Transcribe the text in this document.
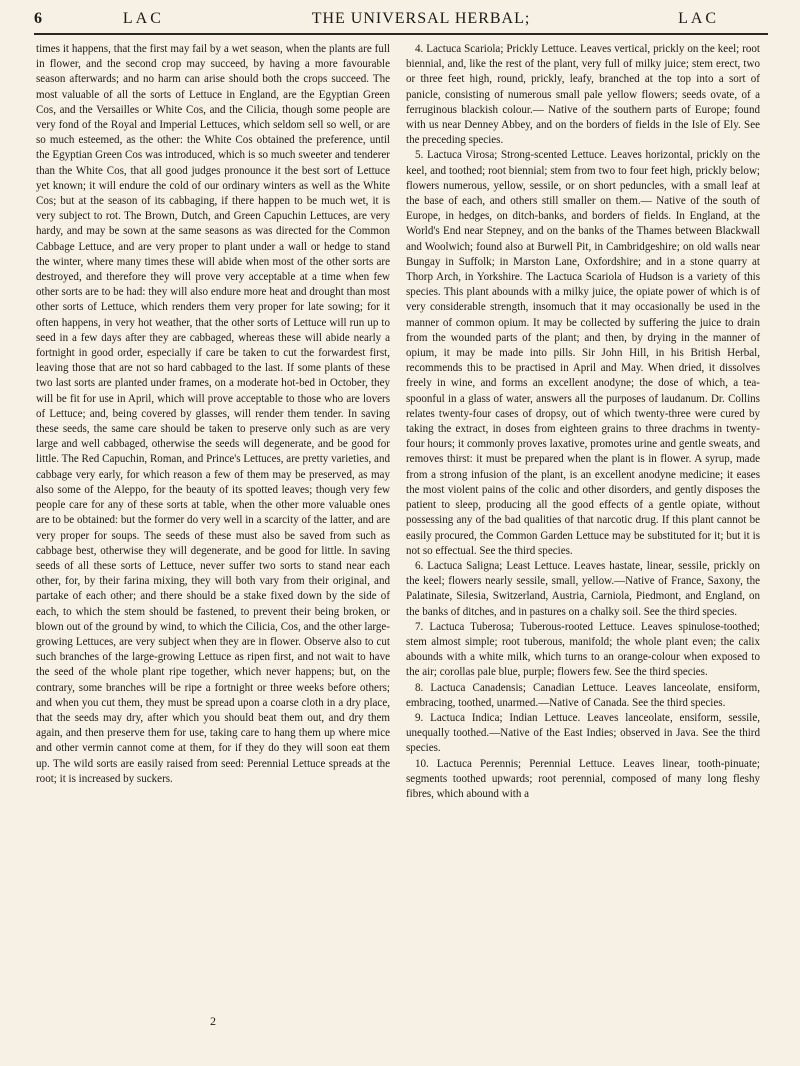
6	LAC	THE UNIVERSAL HERBAL;	LAC

times it happens, that the first may fail by a wet season, when the plants are full in flower, and the second crop may succeed, by having a more favourable season afterwards; and no harm can arise should both the crops succeed. The most valuable of all the sorts of Lettuce in England, are the Egyptian Green Cos, and the Versailles or White Cos, and the Cilicia, though some people are very fond of the Royal and Imperial Lettuces, which seldom sell so well, or are so much esteemed, as the other: the White Cos obtained the preference, until the Egyptian Green Cos was introduced, which is so much sweeter and tenderer than the White Cos, that all good judges pronounce it the best sort of Lettuce yet known; it will endure the cold of our ordinary winters as well as the White Cos; but at the season of its cabbaging, if there happen to be much wet, it is very subject to rot. The Brown, Dutch, and Green Capuchin Lettuces, are very hardy, and may be sown at the same seasons as was directed for the Common Cabbage Lettuce, and are very proper to plant under a wall or hedge to stand the winter, where many times these will abide when most of the other sorts are destroyed, and therefore they will prove very acceptable at a time when few other sorts are to be had: they will also endure more heat and drought than most other sorts of Lettuce, which renders them very proper for late sowing; for it often happens, in very hot weather, that the other sorts of Lettuce will run up to seed in a few days after they are cabbaged, whereas these will abide nearly a fortnight in good order, especially if care be taken to cut the forwardest first, leaving those that are not so hard cabbaged to the last. If some plants of these two last sorts are planted under frames, on a moderate hot-bed in October, they will be fit for use in April, which will prove acceptable to those who are lovers of Lettuce; and, being covered by glasses, will render them tender. In saving these seeds, the same care should be taken to preserve only such as are very large and well cabbaged, otherwise the seeds will degenerate, and be good for little. The Red Capuchin, Roman, and Prince's Lettuces, are pretty varieties, and cabbage very early, for which reason a few of them may be preserved, as may also some of the Aleppo, for the beauty of its spotted leaves; though very few people care for any of these sorts at table, when the other more valuable ones are to be obtained: but the former do very well in a scarcity of the latter, and are very proper for soups. The seeds of these must also be saved from such as cabbage best, otherwise they will degenerate, and be good for little. In saving seeds of all these sorts of Lettuce, never suffer two sorts to stand near each other, for, by their farina mixing, they will both vary from their original, and partake of each other; and there should be a stake fixed down by the side of each, to which the stem should be fastened, to prevent their being broken, or blown out of the ground by wind, to which the Cilicia, Cos, and the other large-growing Lettuces, are very subject when they are in flower. Observe also to cut such branches of the large-growing Lettuce as ripen first, and not wait to have the seed of the whole plant ripe together, which never happens; but, on the contrary, some branches will be ripe a fortnight or three weeks before others; and when you cut them, they must be spread upon a coarse cloth in a dry place, that the seeds may dry, after which you should beat them out, and dry them again, and then preserve them for use, taking care to hang them up where mice and other vermin cannot come at them, for if they do they will soon eat them up. The wild sorts are easily raised from seed: Perennial Lettuce spreads at the root; it is increased by suckers.

4. Lactuca Scariola; Prickly Lettuce. Leaves vertical, prickly on the keel; root biennial, and, like the rest of the plant, very full of milky juice; stem erect, two or three feet high, round, prickly, leafy, branched at the top into a sort of panicle, consisting of numerous small pale yellow flowers; seeds ovate, of a ferruginous blackish colour.— Native of the southern parts of Europe; found with us near Denney Abbey, and on the borders of fields in the Isle of Ely. See the preceding species.

5. Lactuca Virosa; Strong-scented Lettuce. Leaves horizontal, prickly on the keel, and toothed; root biennial; stem from two to four feet high, prickly below; flowers numerous, yellow, sessile, or on short peduncles, with a small leaf at the base of each, and others still smaller on them.— Native of the south of Europe, in hedges, on ditch-banks, and borders of fields. In England, at the World's End near Stepney, and on the banks of the Thames between Blackwall and Woolwich; found also at Burwell Pit, in Cambridgeshire; on old walls near Bungay in Suffolk; in Marston Lane, Oxfordshire; and in a stone quarry at Thorp Arch, in Yorkshire. The Lactuca Scariola of Hudson is a variety of this species. This plant abounds with a milky juice, the opiate power of which is of very considerable strength, insomuch that it may occasionally be used in the manner of common opium. It may be collected by suffering the juice to drain from the wounded parts of the plant; and then, by drying in the manner of opium, it may be made into pills. Sir John Hill, in his British Herbal, recommends this to be practised in April and May. When dried, it dissolves freely in wine, and forms an excellent anodyne; the dose of which, a tea-spoonful in a glass of water, answers all the purposes of laudanum. Dr. Collins relates twenty-four cases of dropsy, out of which twenty-three were cured by taking the extract, in doses from eighteen grains to three drachms in twenty-four hours; it commonly proves laxative, promotes urine and gentle sweats, and removes thirst: it must be prepared when the plant is in flower. A syrup, made from a strong infusion of the plant, is an excellent anodyne medicine; it eases the most violent pains of the colic and other disorders, and gently disposes the patient to sleep, producing all the good effects of a gentle opiate, without possessing any of the bad qualities of that narcotic drug. If this plant cannot be easily procured, the Common Garden Lettuce may be substituted for it; but it is not so effectual. See the third species.

6. Lactuca Saligna; Least Lettuce. Leaves hastate, linear, sessile, prickly on the keel; flowers nearly sessile, small, yellow.—Native of France, Saxony, the Palatinate, Silesia, Switzerland, Austria, Carniola, Piedmont, and England, on the banks of ditches, and in pastures on a chalky soil. See the third species.

7. Lactuca Tuberosa; Tuberous-rooted Lettuce. Leaves spinulose-toothed; stem almost simple; root tuberous, manifold; the whole plant even; the calix abounds with a white milk, which turns to an orange-colour when exposed to the air; corollas pale blue, purple; flowers few. See the third species.

8. Lactuca Canadensis; Canadian Lettuce. Leaves lanceolate, ensiform, embracing, toothed, unarmed.—Native of Canada. See the third species.

9. Lactuca Indica; Indian Lettuce. Leaves lanceolate, ensiform, sessile, unequally toothed.—Native of the East Indies; observed in Java. See the third species.

10. Lactuca Perennis; Perennial Lettuce. Leaves linear, tooth-pinuate; segments toothed upwards; root perennial, composed of many long fleshy fibres, which abound with a

2
